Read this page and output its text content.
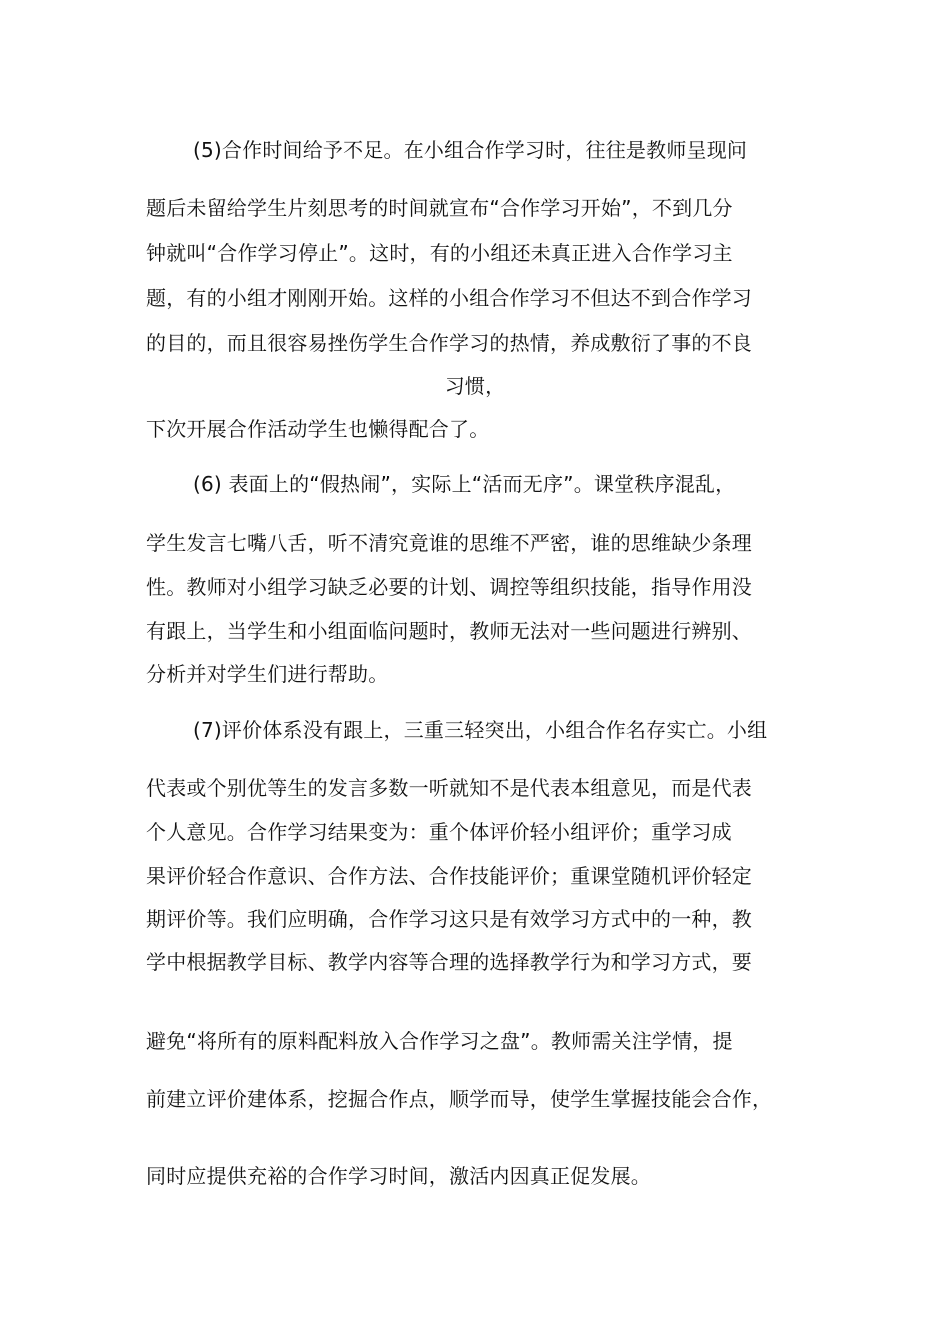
(5)合作时间给予不足。在小组合作学习时，往往是教师呈现问
题后未留给学生片刻思考的时间就宣布“合作学习开始”，不到几分
钟就叫“合作学习停止”。这时，有的小组还未真正进入合作学习主
题，有的小组才刚刚开始。这样的小组合作学习不但达不到合作学习
的目的，而且很容易挫伤学生合作学习的热情，养成敷衍了事的不良
习惯，
下次开展合作活动学生也懒得配合了。
(6) 表面上的“假热闹”，实际上“活而无序”。课堂秩序混乱，
学生发言七嘴八舌，听不清究竟谁的思维不严密，谁的思维缺少条理
性。教师对小组学习缺乏必要的计划、调控等组织技能，指导作用没
有跟上，当学生和小组面临问题时，教师无法对一些问题进行辨别、
分析并对学生们进行帮助。
(7)评价体系没有跟上，三重三轻突出，小组合作名存实亡。小组
代表或个别优等生的发言多数一听就知不是代表本组意见，而是代表
个人意见。合作学习结果变为：重个体评价轻小组评价；重学习成
果评价轻合作意识、合作方法、合作技能评价；重课堂随机评价轻定
期评价等。我们应明确，合作学习这只是有效学习方式中的一种，教
学中根据教学目标、教学内容等合理的选择教学行为和学习方式，要
避免“将所有的原料配料放入合作学习之盘”。教师需关注学情，提
前建立评价建体系，挖掘合作点，顺学而导，使学生掌握技能会合作，
同时应提供充裕的合作学习时间，激活内因真正促发展。
